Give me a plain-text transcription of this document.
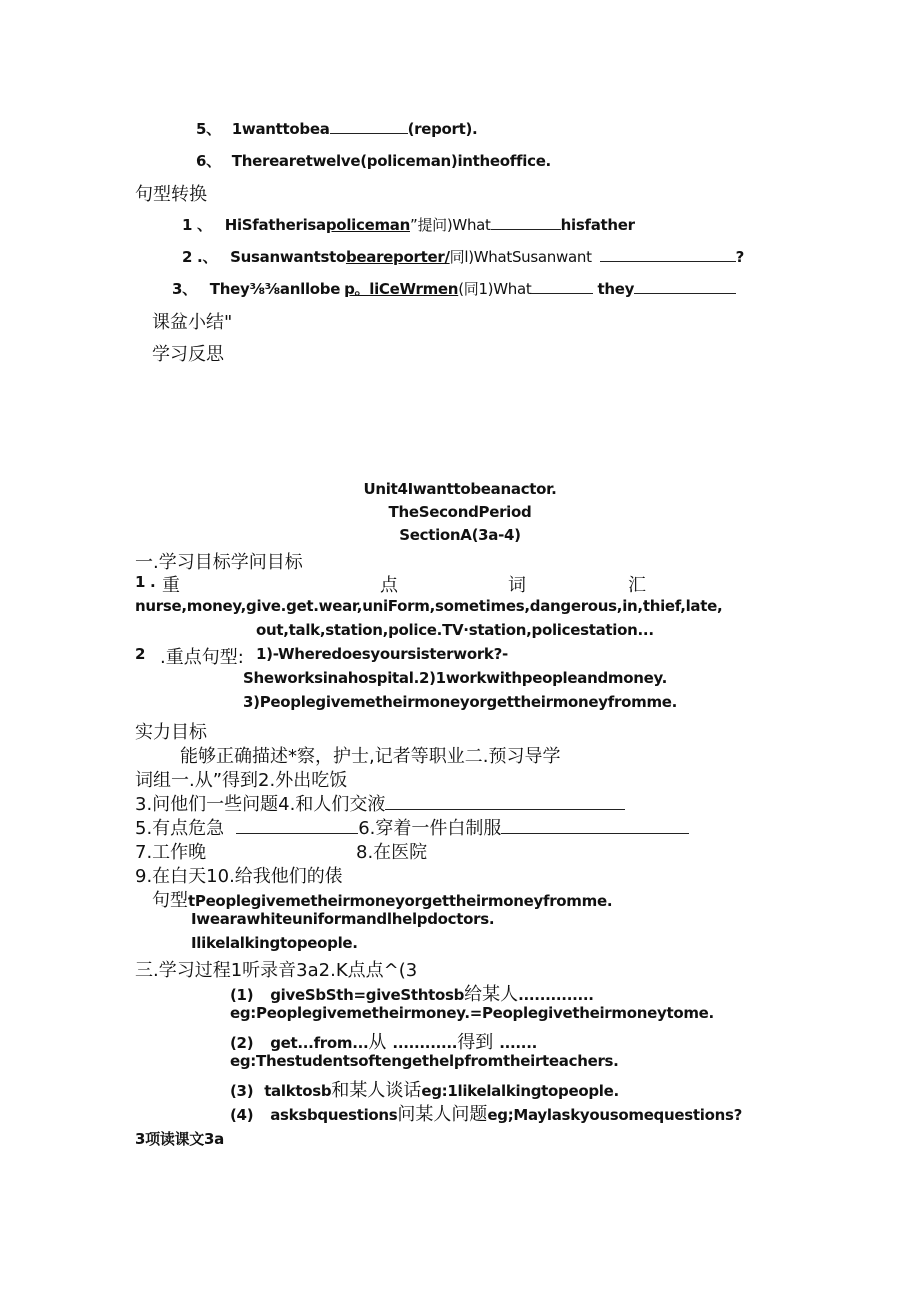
5、 1wanttobea	(report).
6、 Therearetwelve(policeman)intheoffice.
句型转换
1 、 HiSfatherisapoliceman”提问)What	hisfather
2 .、 Susanwantstobeareporter/同l)WhatSusanwant	?
3、 They⅜⅜anllobe p。liCeWrmen(同1)What	they
课盆小结"
学习反思
Unit4Iwanttobeanactor.
TheSecondPeriod
SectionA(3a-4)
一.学习目标学问目标
1 . 重	点	词	汇
nurse,money,give.get.wear,uniForm,sometimes,dangerous,in,thief,late,
out,talk,station,police.TV·station,policestation...
2 .重点句型: 1)-Wheredoesyoursisterwork?-
Sheworksinahospital.2)1workwithpeopleandmoney.
3)Peoplegivemetheirmoneyorgettheirmoneyfromme.
实力目标
能够正确描述*察，护士,记者等职业二.预习导学
词组一.从”得到2.外出吃饭
3.问他们一些问题4.和人们交液
5.有点危急	6.穿着一件白制服
7.工作晚	8.在医院
9.在白天10.给我他们的俵
句型tPeoplegivemetheirmoneyorgettheirmoneyfromme.
Iwearawhiteuniformandlhelpdoctors.
Ilikelalkingtopeople.
三.学习过程1听录音3a2.K点点^(3
(1) giveSbSth=giveSthtosb给某人..............
eg:Peoplegivemetheirmoney.=Peoplegivetheirmoneytome.
(2) get...from...从 ............得到 .......
eg:Thestudentsoftengethelpfromtheirteachers.
(3) talktosb和某人谈话eg:1likelalkingtopeople.
(4) asksbquestions问某人问题eg;Maylaskyousomequestions?
3项读课文3a
